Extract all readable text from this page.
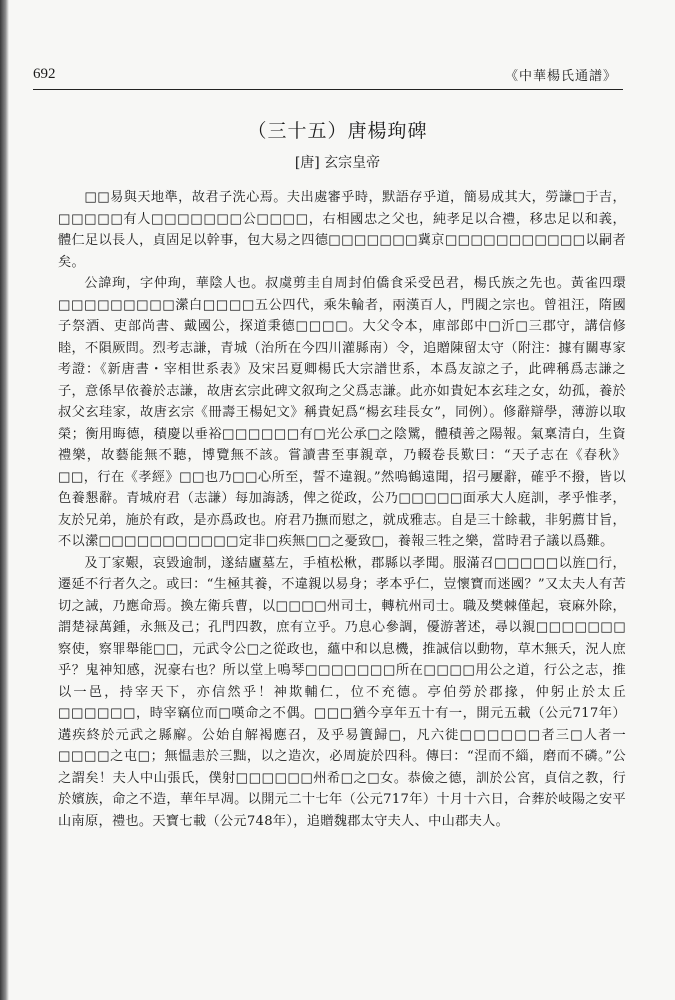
692	《中華楊氏通譜》
（三十五）唐楊珣碑
[唐] 玄宗皇帝

□□易與天地準，故君子洗心焉。夫出處審乎時，默語存乎道，簡易成其大，勞謙□于吉，□□□□□有人□□□□□□□公□□□□，右相國忠之父也，純孝足以合禮，移忠足以和義，體仁足以長人，貞固足以幹事，包大易之四德□□□□□□□冀京□□□□□□□□□□□以嗣者矣。

公諱珣，字仲珣，華陰人也。叔虞剪圭自周封伯僑食采受邑君，楊氏族之先也。黃雀四環□□□□□□□□□瀠白□□□□五公四代，乘朱輪者，兩漢百人，門閥之宗也。曾祖汪，隋國子祭酒、吏部尚書、戴國公，探道秉德□□□□。大父令本，庫部郎中□沂□三郡守，講信修睦，不隕厥問。烈考志謙，青城（治所在今四川灌縣南）令，追贈陳留太守（附注：據有關專家考證：《新唐書・宰相世系表》及宋呂夏卿楊氏大宗譜世系，本爲友諒之子，此碑稱爲志謙之子，意係早依養於志謙，故唐玄宗此碑文叙珣之父爲志謙。此亦如貴妃本玄珪之女，幼孤，養於叔父玄珪家，故唐玄宗《冊壽王楊妃文》稱貴妃爲“楊玄珪長女”，同例）。修辭辯學，薄游以取榮；衡用晦德，積慶以垂裕□□□□□□有□光公承□之陰騭，體積善之陽報。氣稟清白，生資禮樂，故藝能無不聽，博覽無不該。嘗讀書至事親章，乃輟卷長歎曰：“天子志在《春秋》□□，行在《孝經》□□也乃□□心所至，誓不違親。”然鳴鶴遠聞，招弓屢辭，確乎不撥，皆以色養懇辭。青城府君（志謙）每加誨誘，俾之從政，公乃□□□□□面承大人庭訓，孝乎惟孝，友於兄弟，施於有政，是亦爲政也。府君乃撫而慰之，就成雅志。自是三十餘載，非躬薦甘旨，不以瀠□□□□□□□□□□□定非□疾無□□之憂致□，養報三牲之樂，當時君子議以爲難。

及丁家艱，哀毀逾制，遂結廬墓左，手植松楸，郡縣以孝聞。服滿召□□□□□以旌□行，遷延不行者久之。或曰：“生極其養，不違親以易身；孝本乎仁，豈懷寶而迷國？”又太夫人有苦切之誡，乃應命焉。換左衛兵曹，以□□□□州司士，轉杭州司士。職及樊棘僅起，衰麻外除，謂楚禄萬鍾，永無及己；孔門四教，庶有立乎。乃息心參調，優游著述，尋以親□□□□□□□察使，察罪舉能□□，元武令公□之從政也，蘊中和以息機，推誠信以動物，草木無夭，況人庶乎？鬼神知感，況豪右也？所以堂上鳴琴□□□□□□□所在□□□□用公之道，行公之志，推以一邑，持宰天下，亦信然乎！神欺輔仁，位不充德。亭伯勞於郡掾，仲躬止於太丘□□□□□□，時宰竊位而□嘆命之不偶。□□□猶今享年五十有一，開元五載（公元717年）遘疾終於元武之縣廨。公始自解褐應召，及乎易簀歸□，凡六徙□□□□□□者三□人者一□□□□之屯□；無愠恚於三黜，以之造次，必周旋於四科。傳曰：“涅而不緇，磨而不磷。”公之謂矣！夫人中山張氏，僕射□□□□□□州希□之□女。恭儉之德，訓於公宮，貞信之教，行於嬪族，命之不造，華年早凋。以開元二十七年（公元717年）十月十六日，合葬於岐陽之安平山南原，禮也。天寶七載（公元748年），追贈魏郡太守夫人、中山郡夫人。
